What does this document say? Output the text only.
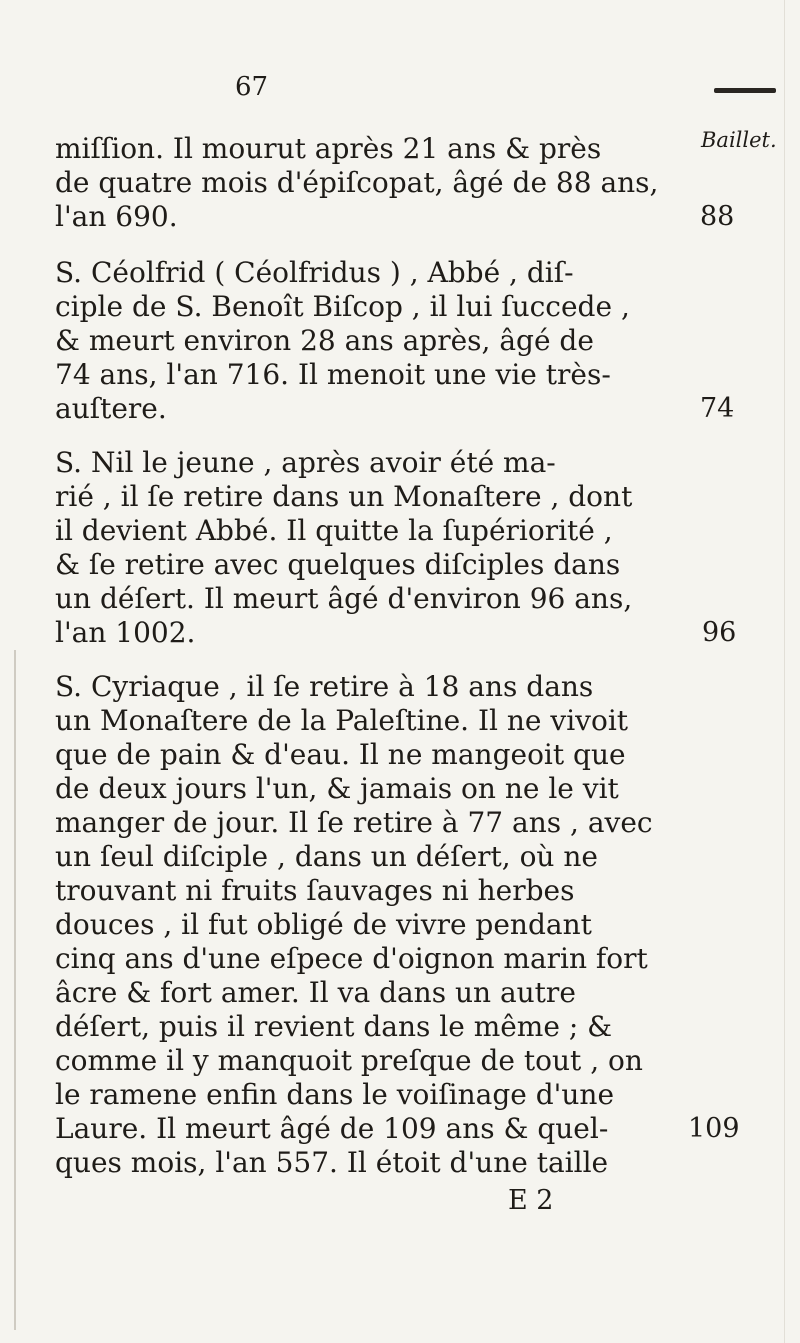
67
Baillet.
miſſion. Il mourut après 21 ans & près
de quatre mois d'épiſcopat, âgé de 88 ans,
l'an 690.
S. Céolfrid ( Céolfridus ) , Abbé , diſ-
ciple de S. Benoît Biſcop , il lui ſuccede ,
& meurt environ 28 ans après, âgé de
74 ans, l'an 716. Il menoit une vie très-
auſtere.
S. Nil le jeune , après avoir été ma-
rié , il ſe retire dans un Monaſtere , dont
il devient Abbé. Il quitte la ſupériorité ,
& ſe retire avec quelques diſciples dans
un déſert. Il meurt âgé d'environ 96 ans,
l'an 1002.
S. Cyriaque , il ſe retire à 18 ans dans
un Monaſtere de la Paleſtine. Il ne vivoit
que de pain & d'eau. Il ne mangeoit que
de deux jours l'un, & jamais on ne le vit
manger de jour. Il ſe retire à 77 ans , avec
un ſeul diſciple , dans un déſert, où ne
trouvant ni fruits ſauvages ni herbes
douces , il fut obligé de vivre pendant
cinq ans d'une eſpece d'oignon marin fort
âcre & fort amer. Il va dans un autre
déſert, puis il revient dans le même ; &
comme il y manquoit preſque de tout , on
le ramene enfin dans le voiſinage d'une
Laure. Il meurt âgé de 109 ans & quel-
ques mois, l'an 557. Il étoit d'une taille
88
74
96
109
E 2
